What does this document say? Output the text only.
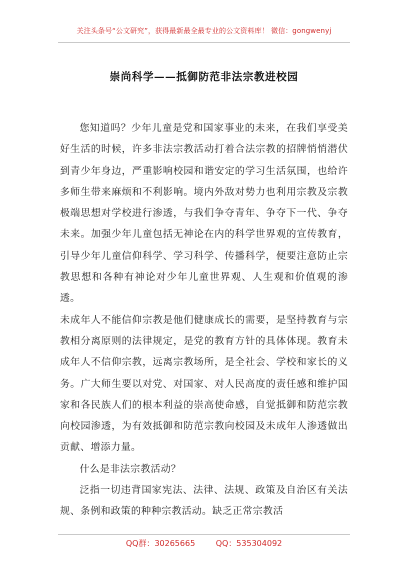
关注头条号“公文研究”，获得最新最全最专业的公文资料库！ 微信：gongwenyj
崇尚科学——抵御防范非法宗教进校园

您知道吗？少年儿童是党和国家事业的未来，在我们享受美好生活的时候，许多非法宗教活动打着合法宗教的招牌悄悄潜伏到青少年身边，严重影响校园和谐安定的学习生活氛围，也给许多师生带来麻烦和不利影响。境内外敌对势力也利用宗教及宗教极端思想对学校进行渗透，与我们争夺青年、争夺下一代、争夺未来。加强少年儿童包括无神论在内的科学世界观的宣传教育，引导少年儿童信仰科学、学习科学、传播科学，便要注意防止宗教思想和各种有神论对少年儿童世界观、人生观和价值观的渗透。

未成年人不能信仰宗教是他们健康成长的需要，是坚持教育与宗教相分离原则的法律规定，是党的教育方针的具体体现。教育未成年人不信仰宗教，远离宗教场所，是全社会、学校和家长的义务。广大师生要以对党、对国家、对人民高度的责任感和维护国家和各民族人们的根本利益的崇高使命感，自觉抵御和防范宗教向校园渗透，为有效抵御和防范宗教向校园及未成年人渗透做出贡献、增添力量。

什么是非法宗教活动？

泛指一切违背国家宪法、法律、法规、政策及自治区有关法规、条例和政策的种种宗教活动。缺乏正常宗教活

QQ群：30265665	QQ：535304092
